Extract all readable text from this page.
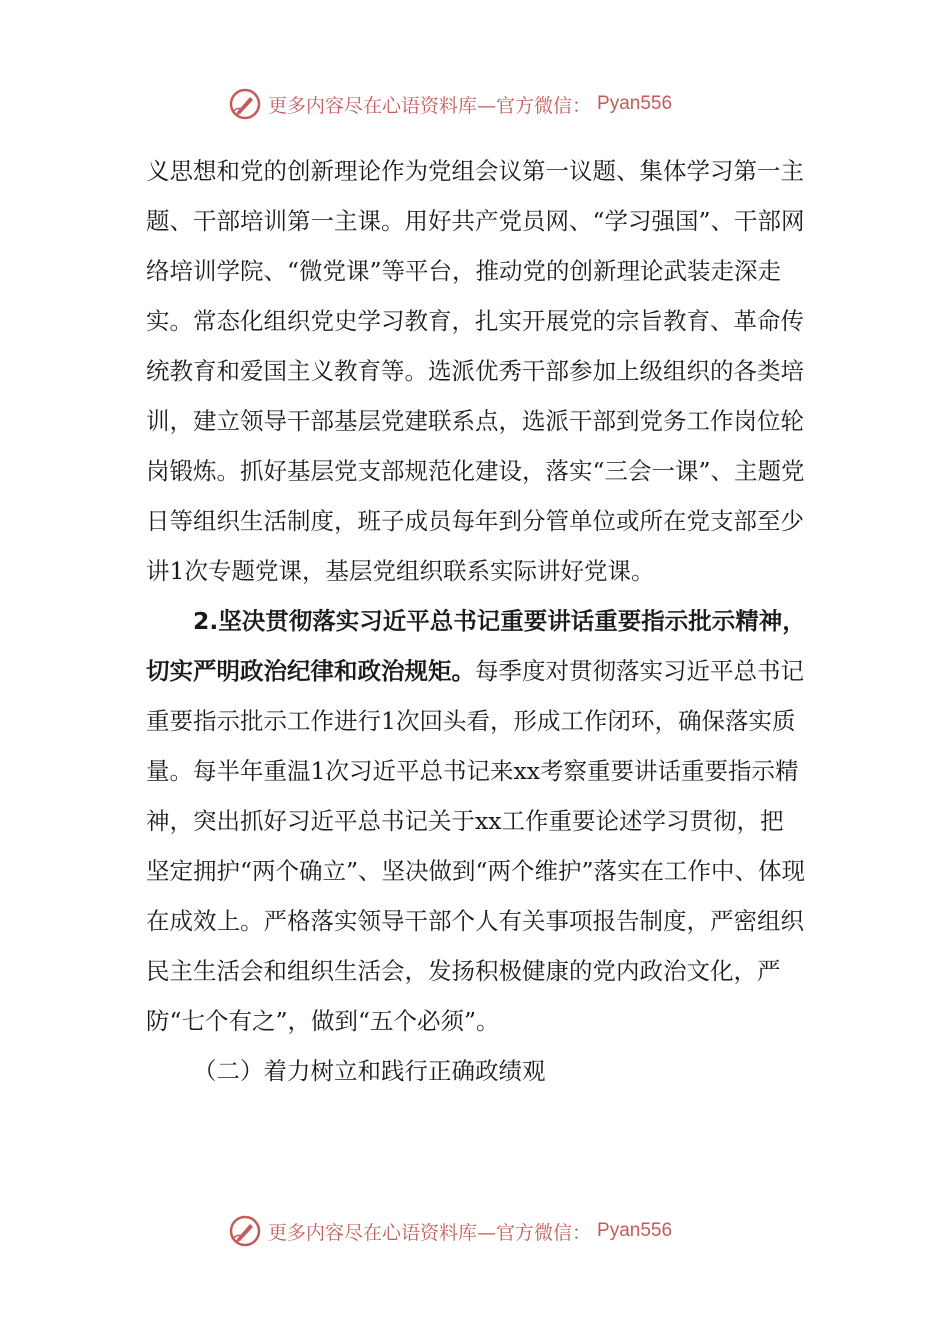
更多内容尽在心语资料库—官方微信： Pyan556

义思想和党的创新理论作为党组会议第一议题、集体学习第一主题、干部培训第一主课。用好共产党员网、“学习强国”、干部网络培训学院、“微党课”等平台，推动党的创新理论武装走深走实。常态化组织党史学习教育，扎实开展党的宗旨教育、革命传统教育和爱国主义教育等。选派优秀干部参加上级组织的各类培训，建立领导干部基层党建联系点，选派干部到党务工作岗位轮岗锻炼。抓好基层党支部规范化建设，落实“三会一课”、主题党日等组织生活制度，班子成员每年到分管单位或所在党支部至少讲1次专题党课，基层党组织联系实际讲好党课。

2.坚决贯彻落实习近平总书记重要讲话重要指示批示精神，切实严明政治纪律和政治规矩。每季度对贯彻落实习近平总书记重要指示批示工作进行1次回头看，形成工作闭环，确保落实质量。每半年重温1次习近平总书记来xx考察重要讲话重要指示精神，突出抓好习近平总书记关于xx工作重要论述学习贯彻，把坚定拥护“两个确立”、坚决做到“两个维护”落实在工作中、体现在成效上。严格落实领导干部个人有关事项报告制度，严密组织民主生活会和组织生活会，发扬积极健康的党内政治文化，严防“七个有之”，做到“五个必须”。

（二）着力树立和践行正确政绩观

更多内容尽在心语资料库—官方微信： Pyan556
